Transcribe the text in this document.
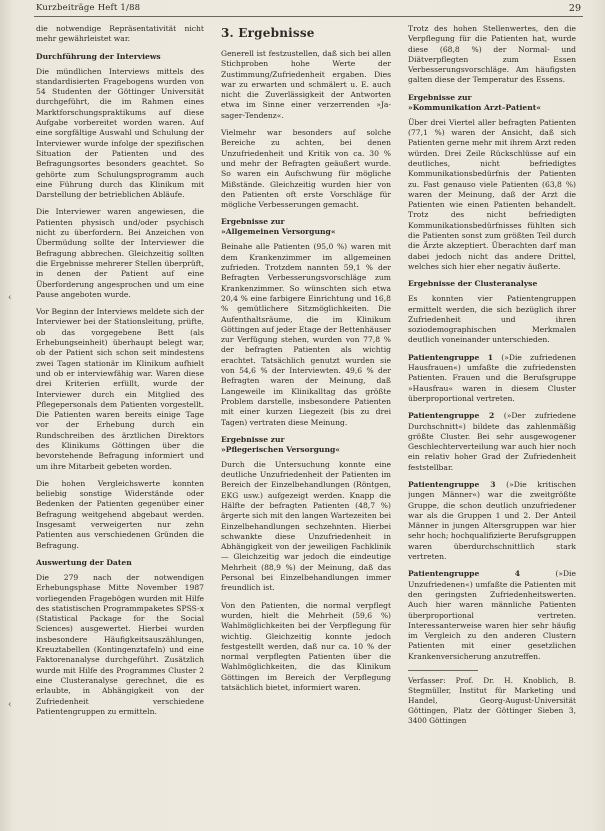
Kurzbeiträge Heft 1/88	29
‹
‹

die notwendige Repräsentativität nicht mehr gewährleistet war.

Durchführung der Interviews

Die mündlichen Interviews mittels des standardisierten Fragebogens wurden von 54 Studenten der Göttinger Universität durchgeführt, die im Rahmen eines Marktforschungspraktikums auf diese Aufgabe vorbereitet worden waren. Auf eine sorgfältige Auswahl und Schulung der Interviewer wurde infolge der spezifischen Situation der Patienten und des Befragungsortes besonders geachtet. So gehörte zum Schulungsprogramm auch eine Führung durch das Klinikum mit Darstellung der betrieblichen Abläufe.

Die Interviewer waren angewiesen, die Patienten physisch und/oder psychisch nicht zu überfordern. Bei Anzeichen von Übermüdung sollte der Interviewer die Befragung abbrechen. Gleichzeitig sollten die Ergebnisse mehrerer Stellen überprüft, in denen der Patient auf eine Überforderung angesprochen und um eine Pause angeboten wurde.

Vor Beginn der Interviews meldete sich der Interviewer bei der Stationsleitung, prüfte, ob das vorgegebene Bett (als Erhebungseinheit) überhaupt belegt war, ob der Patient sich schon seit mindestens zwei Tagen stationär im Klinikum aufhielt und ob er interviewfähig war. Waren diese drei Kriterien erfüllt, wurde der Interviewer durch ein Mitglied des Pflegepersonals dem Patienten vorgestellt. Die Patienten waren bereits einige Tage vor der Erhebung durch ein Rundschreiben des ärztlichen Direktors des Klinikums Göttingen über die bevorstehende Befragung informiert und um ihre Mitarbeit gebeten worden.

Die hohen Vergleichswerte konnten beliebig sonstige Widerstände oder Bedenken der Patienten gegenüber einer Befragung weitgehend abgebaut werden. Insgesamt verweigerten nur zehn Patienten aus verschiedenen Gründen die Befragung.

Auswertung der Daten

Die 279 nach der notwendigen Erhebungsphase Mitte November 1987 vorliegenden Fragebögen wurden mit Hilfe des statistischen Programmpaketes SPSS-x (Statistical Package for the Social Sciences) ausgewertet. Hierbei wurden insbesondere Häufigkeitsauszählungen, Kreuztabellen (Kontingenztafeln) und eine Faktorenanalyse durchgeführt. Zusätzlich wurde mit Hilfe des Programmes Cluster 2 eine Clusteranalyse gerechnet, die es erlaubte, in Abhängigkeit von der Zufriedenheit verschiedene Patientengruppen zu ermitteln.

3. Ergebnisse

Generell ist festzustellen, daß sich bei allen Stichproben hohe Werte der Zustimmung/Zufriedenheit ergaben. Dies war zu erwarten und schmälert u. E. auch nicht die Zuverlässigkeit der Antworten etwa im Sinne einer verzerrenden »Ja-sager-Tendenz«.

Vielmehr war besonders auf solche Bereiche zu achten, bei denen Unzufriedenheit und Kritik von ca. 30 % und mehr der Befragten geäußert wurde. So waren ein Aufschwung für mögliche Mißstände. Gleichzeitig wurden hier von den Patienten oft erste Vorschläge für mögliche Verbesserungen gemacht.

Ergebnisse zur
»Allgemeinen Versorgung«

Beinahe alle Patienten (95,0 %) waren mit dem Krankenzimmer im allgemeinen zufrieden. Trotzdem nannten 59,1 % der Befragten Verbesserungsvorschläge zum Krankenzimmer. So wünschten sich etwa 20,4 % eine farbigere Einrichtung und 16,8 % gemütlichere Sitzmöglichkeiten. Die Aufenthaltsräume, die im Klinikum Göttingen auf jeder Etage der Bettenhäuser zur Verfügung stehen, wurden von 77,8 % der befragten Patienten als wichtig erachtet. Tatsächlich genutzt wurden sie von 54,6 % der Interviewten. 49,6 % der Befragten waren der Meinung, daß Langeweile im Klinikalltag das größte Problem darstelle, insbesondere Patienten mit einer kurzen Liegezeit (bis zu drei Tagen) vertraten diese Meinung.

Ergebnisse zur
»Pflegerischen Versorgung«

Durch die Untersuchung konnte eine deutliche Unzufriedenheit der Patienten im Bereich der Einzelbehandlungen (Röntgen, EKG usw.) aufgezeigt werden. Knapp die Hälfte der befragten Patienten (48,7 %) ärgerte sich mit den langen Wartezeiten bei Einzelbehandlungen sechzehnten. Hierbei schwankte diese Unzufriedenheit in Abhängigkeit von der jeweiligen Fachklinik — Gleichzeitig war jedoch die eindeutige Mehrheit (88,9 %) der Meinung, daß das Personal bei Einzelbehandlungen immer freundlich ist.

Von den Patienten, die normal verpflegt wurden, hielt die Mehrheit (59,6 %) Wahlmöglichkeiten bei der Verpflegung für wichtig. Gleichzeitig konnte jedoch festgestellt werden, daß nur ca. 10 % der normal verpflegten Patienten über die Wahlmöglichkeiten, die das Klinikum Göttingen im Bereich der Verpflegung tatsächlich bietet, informiert waren.

Trotz des hohen Stellenwertes, den die Verpflegung für die Patienten hat, wurde diese (68,8 %) der Normal- und Diätverpflegten zum Essen Verbesserungsvorschläge. Am häufigsten galten diese der Temperatur des Essens.

Ergebnisse zur
»Kommunikation Arzt–Patient«

Über drei Viertel aller befragten Patienten (77,1 %) waren der Ansicht, daß sich Patienten gerne mehr mit ihrem Arzt reden würden. Drei Zeile Rückschlüsse auf ein deutliches, nicht befriedigtes Kommunikationsbedürfnis der Patienten zu. Fast genauso viele Patienten (63,8 %) waren der Meinung, daß der Arzt die Patienten wie einen Patienten behandelt. Trotz des nicht befriedigten Kommunikationsbedürfnisses fühlten sich die Patienten sonst zum größten Teil durch die Ärzte akzeptiert. Überachten darf man dabei jedoch nicht das andere Drittel, welches sich hier eher negativ äußerte.

Ergebnisse der Clusteranalyse

Es konnten vier Patientengruppen ermittelt werden, die sich bezüglich ihrer Zufriedenheit und ihren soziodemographischen Merkmalen deutlich voneinander unterschieden.

Patientengruppe 1 (»Die zufriedenen Hausfrauen«) umfaßte die zufriedensten Patienten. Frauen und die Berufsgruppe »Hausfrau« waren in diesem Cluster überproportional vertreten.

Patientengruppe 2 (»Der zufriedene Durchschnitt«) bildete das zahlenmäßig größte Cluster. Bei sehr ausgewogener Geschlechterverteilung war auch hier noch ein relativ hoher Grad der Zufriedenheit feststellbar.

Patientengruppe 3 (»Die kritischen jungen Männer«) war die zweitgrößte Gruppe, die schon deutlich unzufriedener war als die Gruppen 1 und 2. Der Anteil Männer in jungen Altersgruppen war hier sehr hoch; hochqualifizierte Berufsgruppen waren überdurchschnittlich stark vertreten.

Patientengruppe 4	(»Die Unzufriedenen«) umfaßte die Patienten mit den geringsten Zufriedenheitswerten. Auch hier waren männliche Patienten überproportional vertreten. Interessanterweise waren hier sehr häufig im Vergleich zu den anderen Clustern Patienten mit einer gesetzlichen Krankenversicherung anzutreffen.

Verfasser: Prof. Dr. H. Knoblich, B. Stegmüller, Institut für Marketing und Handel, Georg-August-Universität Göttingen, Platz der Göttinger Sieben 3, 3400 Göttingen
